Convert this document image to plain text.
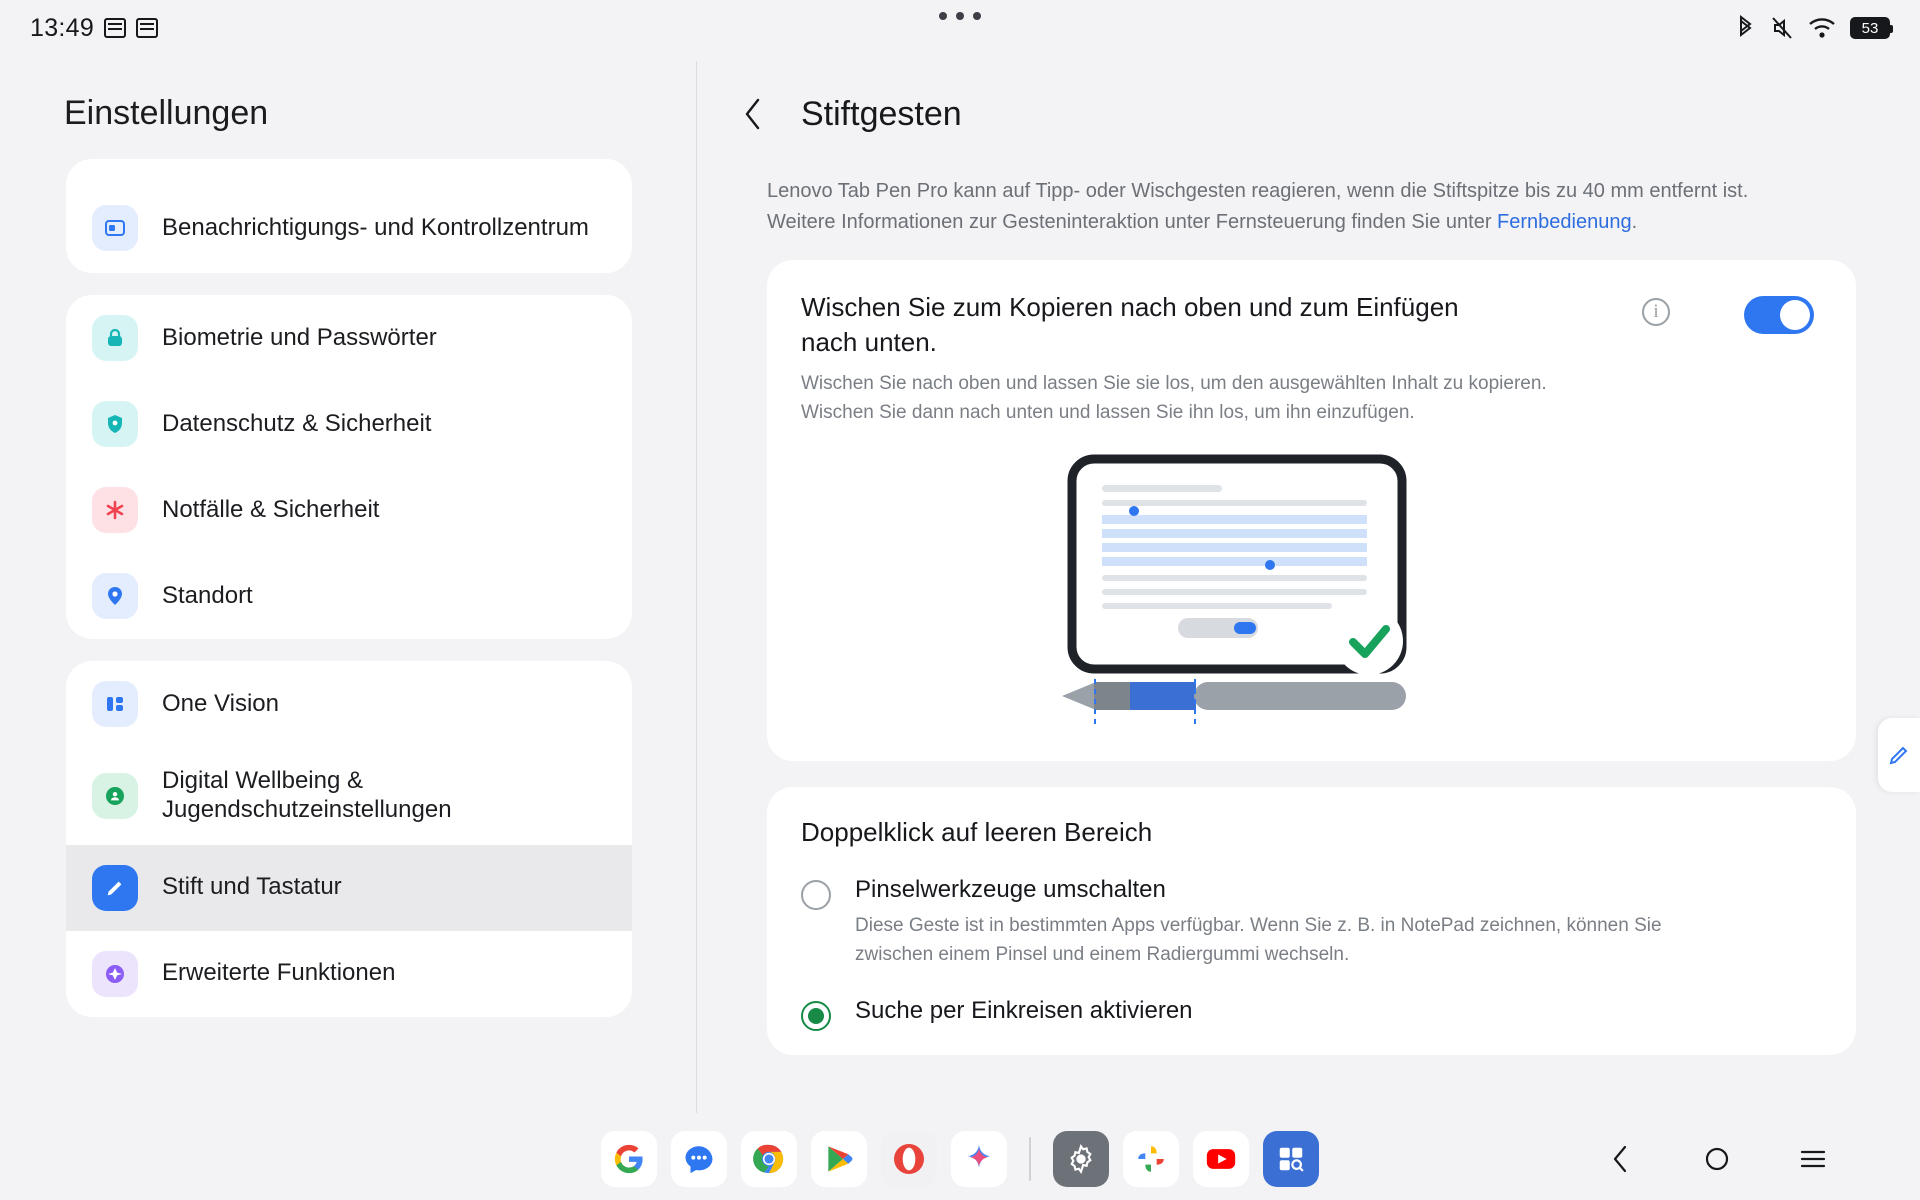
13:49	53
Einstellungen
Benachrichtigungs- und Kontrollzentrum
Biometrie und Passwörter
Datenschutz & Sicherheit
Notfälle & Sicherheit
Standort
One Vision
Digital Wellbeing & Jugendschutzeinstellungen
Stift und Tastatur
Erweiterte Funktionen
Stiftgesten
Lenovo Tab Pen Pro kann auf Tipp- oder Wischgesten reagieren, wenn die Stiftspitze bis zu 40 mm entfernt ist. Weitere Informationen zur Gesteninteraktion unter Fernsteuerung finden Sie unter Fernbedienung.
Wischen Sie zum Kopieren nach oben und zum Einfügen nach unten.
Wischen Sie nach oben und lassen Sie sie los, um den ausgewählten Inhalt zu kopieren. Wischen Sie dann nach unten und lassen Sie ihn los, um ihn einzufügen.
i
Doppelklick auf leeren Bereich
Pinselwerkzeuge umschalten
Diese Geste ist in bestimmten Apps verfügbar. Wenn Sie z. B. in NotePad zeichnen, können Sie zwischen einem Pinsel und einem Radiergummi wechseln.
Suche per Einkreisen aktivieren
